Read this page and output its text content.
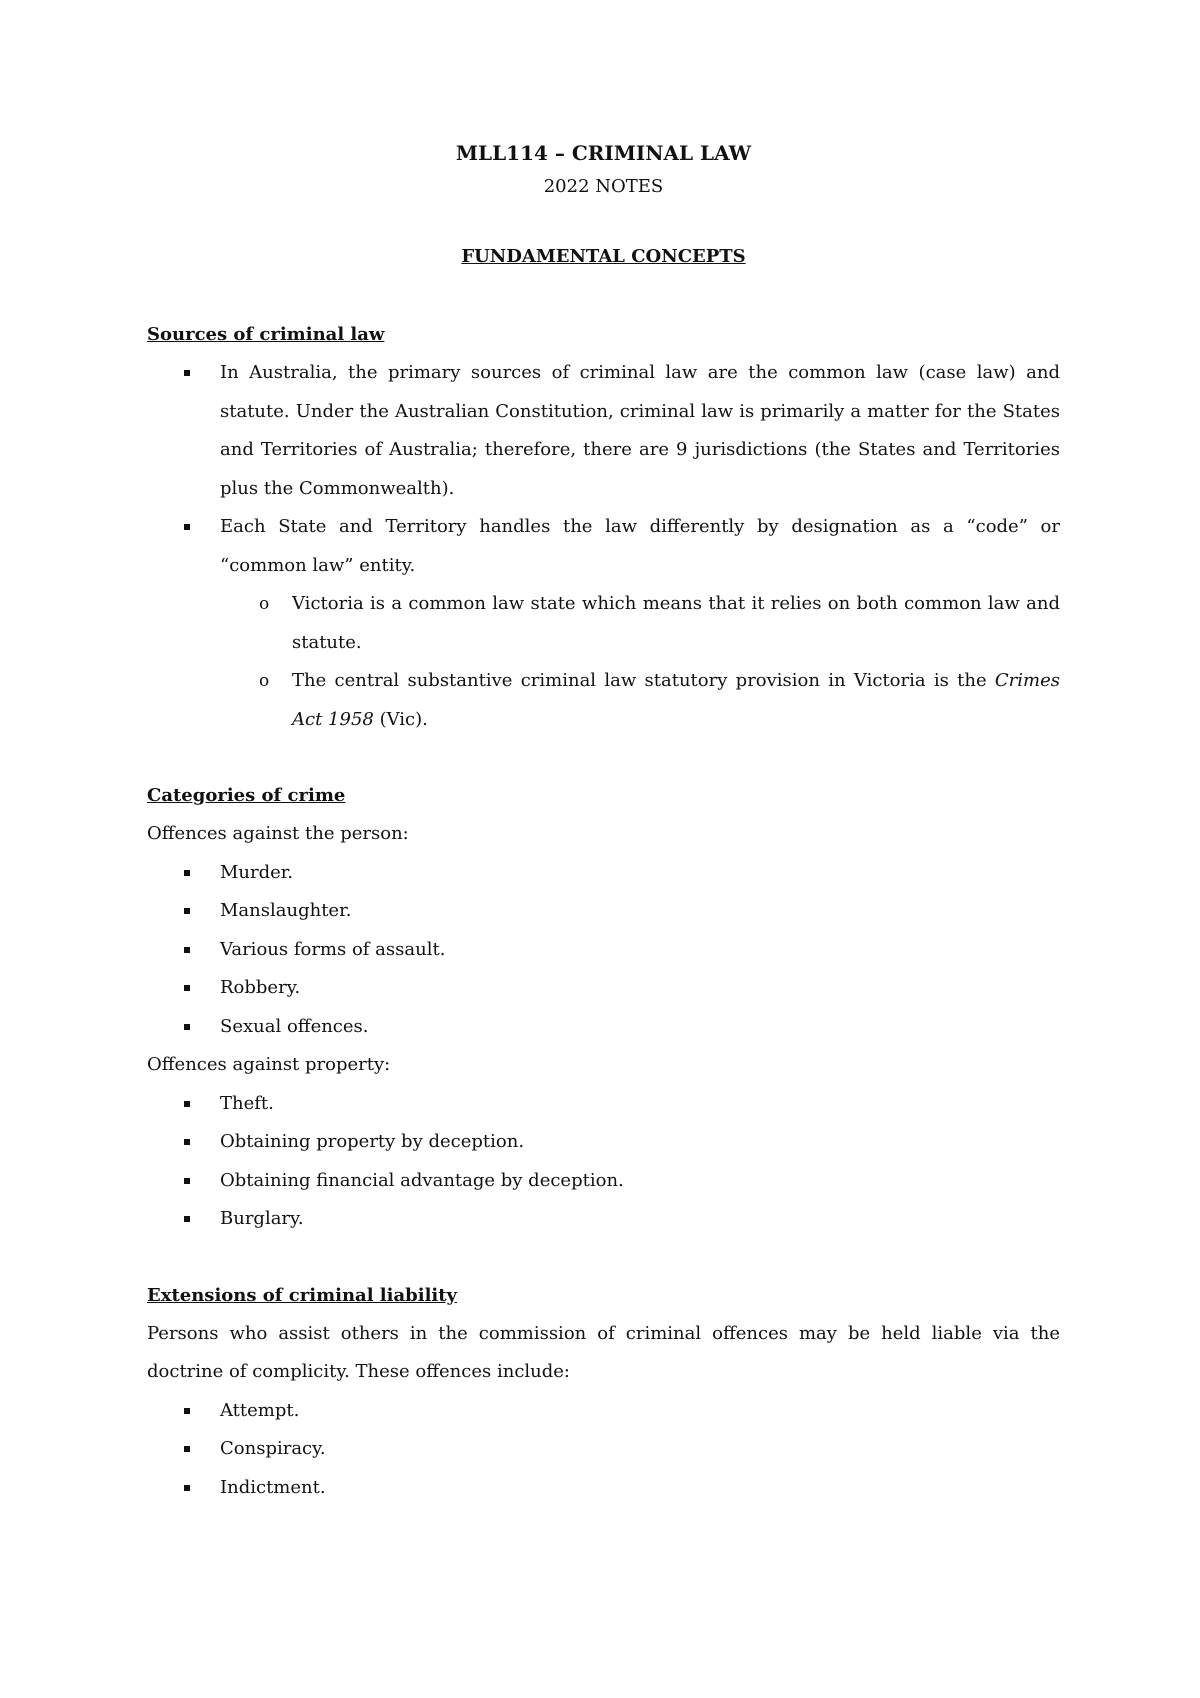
MLL114 – CRIMINAL LAW
2022 NOTES
FUNDAMENTAL CONCEPTS
Sources of criminal law
In Australia, the primary sources of criminal law are the common law (case law) and statute. Under the Australian Constitution, criminal law is primarily a matter for the States and Territories of Australia; therefore, there are 9 jurisdictions (the States and Territories plus the Commonwealth).
Each State and Territory handles the law differently by designation as a “code” or “common law” entity.
o Victoria is a common law state which means that it relies on both common law and statute.
o The central substantive criminal law statutory provision in Victoria is the Crimes Act 1958 (Vic).
Categories of crime

Offences against the person:

Murder.
Manslaughter.
Various forms of assault.
Robbery.
Sexual offences.

Offences against property:

Theft.
Obtaining property by deception.
Obtaining financial advantage by deception.
Burglary.
Extensions of criminal liability

Persons who assist others in the commission of criminal offences may be held liable via the doctrine of complicity. These offences include:

Attempt.
Conspiracy.
Indictment.
